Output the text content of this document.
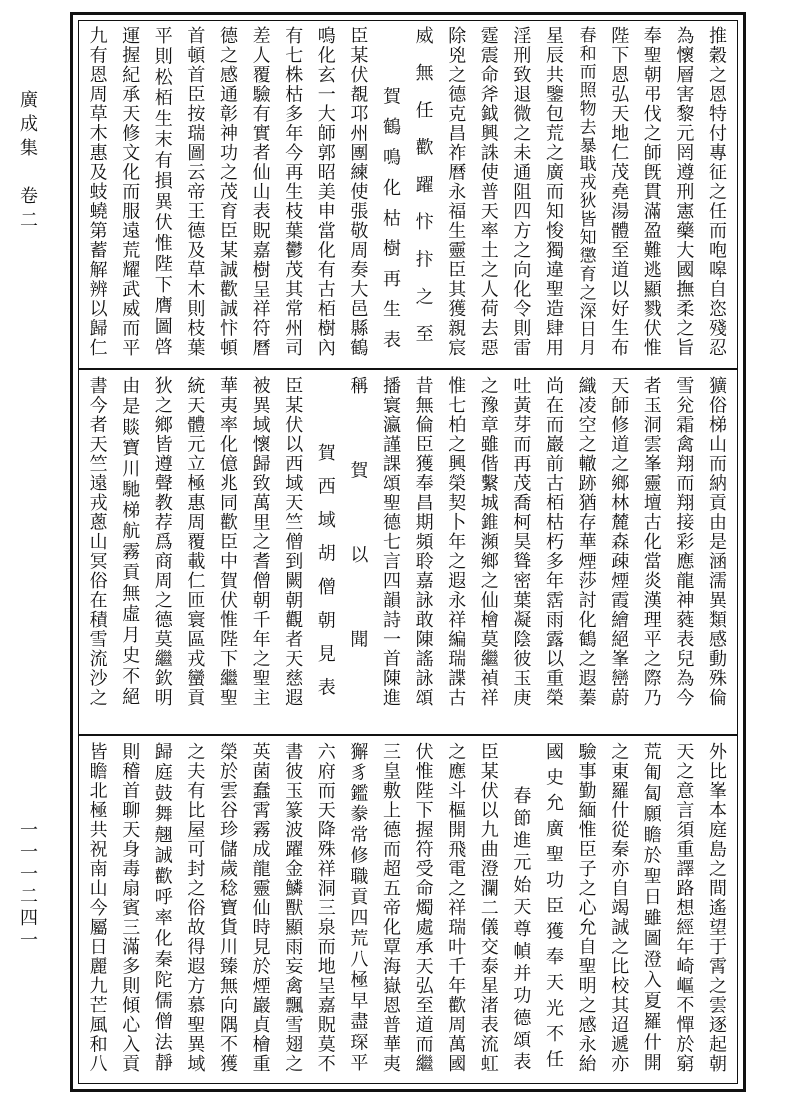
廣成集　卷二
一一一二四一
推穀之恩特付專征之任而咆嗥自恣殘忍
為懷層害黎元罔遵刑憲藥大國撫柔之旨
奉聖朝弔伐之師旣貫滿盈難逃顯戮伏惟
陛下恩弘天地仁茂堯湯體至道以好生布
春和而照物去暴戢戎狄皆知懲育之深日月
星辰共鑒包荒之廣而知悛獨違聖造肆用
淫刑致退微之未通阻四方之向化令則雷
霆震命斧鉞興誅使普天率土之人荷去惡
除兇之德克昌祚曆永福生靈臣其獲親宸
威無任歡躍忭抃之至
　　賀鶴鳴化枯樹再生表
臣某伏覩邛州團練使張敬周奏大邑縣鶴
鳴化玄一大師郭昭美申當化有古栢樹內
有七株枯多年今再生枝葉鬱茂其常州司
差人覆驗有實者仙山表貺嘉樹呈祥符曆
德之感通彰神功之茂育臣某誠歡誠忭頓
首頓首臣按瑞圖云帝王德及草木則枝葉
平則松栢生末有損異伏惟陛下膺圖啓
運握紀承天修文化而服遠荒耀武威而平
九有恩周草木惠及蚑蟯第蓄解辨以歸仁
獷俗梯山而納貢由是涵濡異類感動殊倫
雪兊霜禽翔而翔接彩應龍神蕤表兒為今
者玉洞雲峯靈壇古化當炎漢理平之際乃
天師修道之鄉林麓森疎煙霞繪絕峯巒蔚
織凌空之轍跡猶存華煙莎討化鶴之遐蓁
尚在而巖前古栢枯朽多年霑雨露以重榮
吐黃芽而再茂喬柯昊聳密葉凝陰彼玉庚
之豫章雖偕繫城錐瀕鄉之仙檜莫繼禎祥
惟七柏之興榮契卜年之遐永祥編瑞諜古
昔無倫臣獲奉昌期頻聆嘉詠敢陳謠詠頌
播寰瀛謹課頌聖德七言四韻詩一首陳進
稱賀以聞
　　賀西域胡僧朝見表
臣某伏以西域天竺僧到闕朝觀者天慈遐
被異域懷歸致萬里之耆僧朝千年之聖主
華夷率化億兆同歡臣中賀伏惟陛下繼聖
統天體元立極惠周覆載仁匝寰區戎蠻貢
狄之鄉皆遵聲教荐爲商周之德莫繼欽明
由是賧寶川馳梯航霧貢無虛月史不絕
書今者天竺遠戎蔥山冥俗在積雪流沙之
外比峯本庭島之間遙望于霄之雲逐起朝
天之意言須重譯路想經年崎嶇不憚於窮
荒匍匐願瞻於聖日雖圖澄入夏羅什開
之東羅什從秦亦自竭誠之比校其迢遞亦
驗事勤緬惟臣子之心允自聖明之感永紿
國史允廣聖功臣獲奉天光不任
　　春節進元始天尊幀并功德頌表
臣某伏以九曲澄瀾二儀交泰星渚表流虹
之應斗樞開飛電之祥瑞叶千年歡周萬國
伏惟陛下握符受命燭處承天弘至道而繼
三皇敷上德而超五帝化覃海嶽恩普華夷
獬豸鑑豢常修職貢四荒八極早盡琛平
六府而天降殊祥洞三泉而地呈嘉貺莫不
書彼玉篆波躍金鱗獸顯雨妄禽飄雪翅之
英菌蠢霄霧成龍靈仙時見於煙巖貞檜重
榮於雲谷珍儲歲稔寶貨川臻無向隅不獲
之夫有比屋可封之俗故得遐方慕聖異域
歸庭鼓舞翹誠歡呼率化秦陀儒僧法靜
則稽首聊天身毒扇賓三滿多則傾心入貢
皆瞻北極共祝南山今屬日麗九芒風和八
